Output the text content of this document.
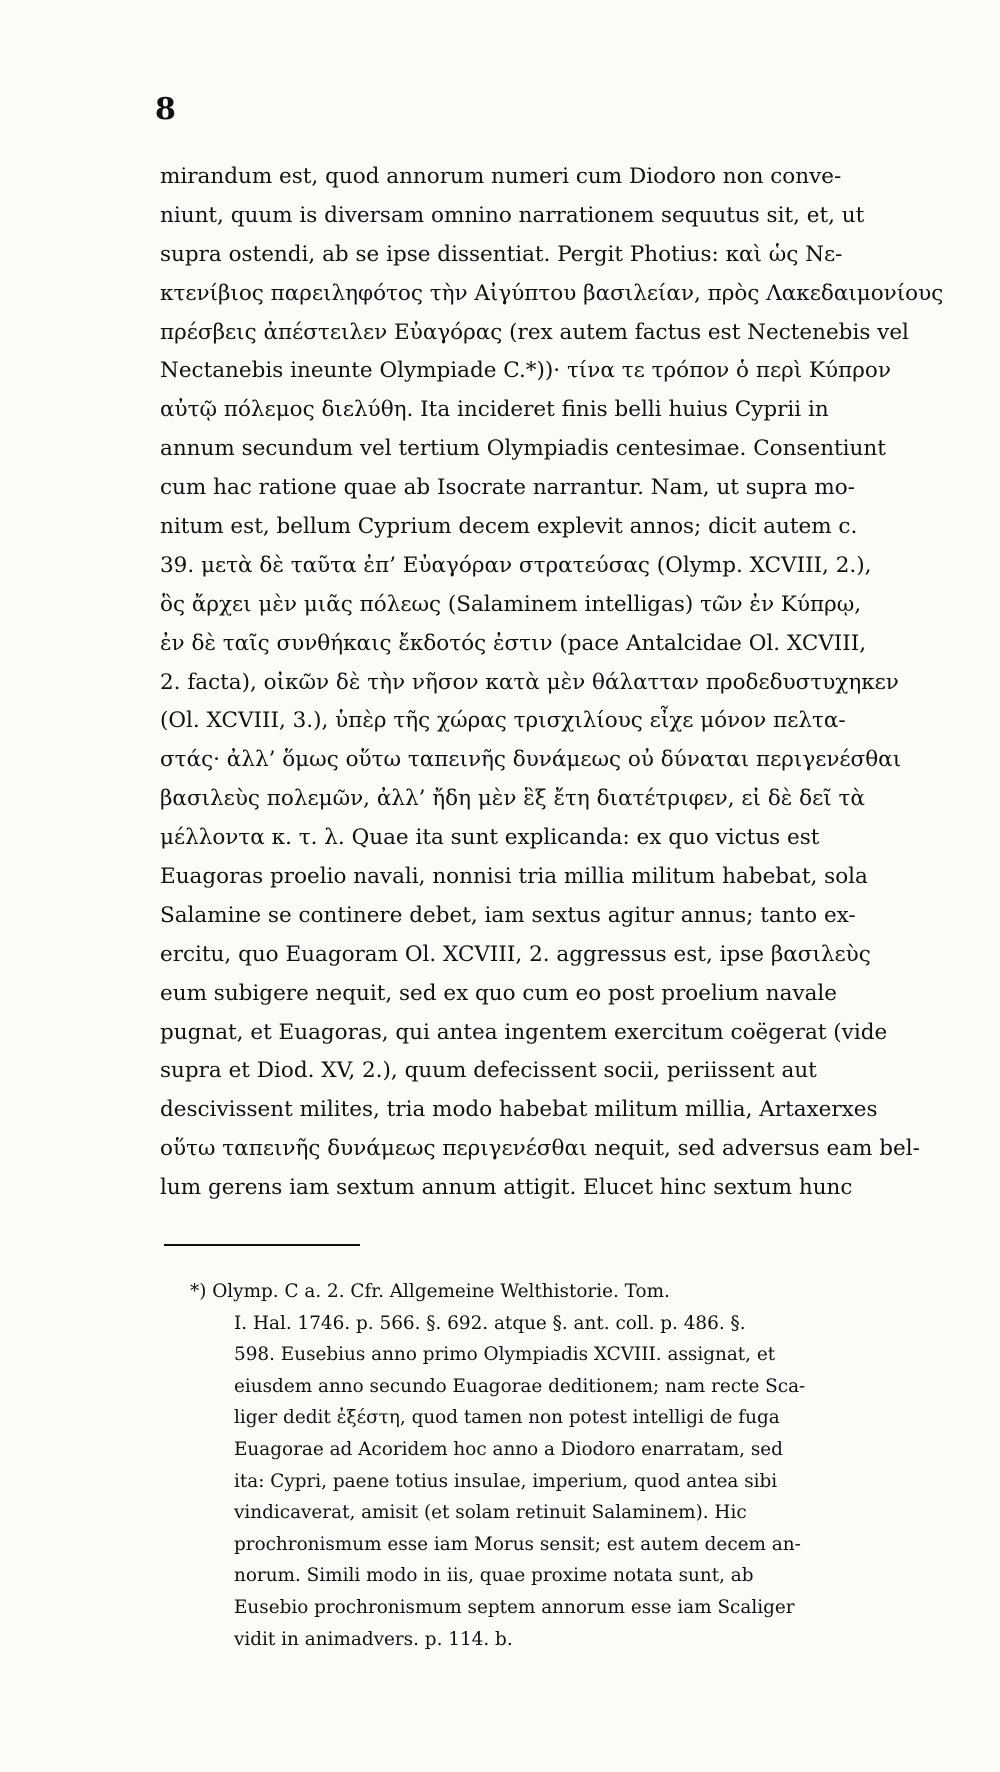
8
mirandum est, quod annorum numeri cum Diodoro non conve-
niunt, quum is diversam omnino narrationem sequutus sit, et, ut
supra ostendi, ab se ipse dissentiat. Pergit Photius: καὶ ὡς Νε-
κτενίβιος παρειληφότος τὴν Αἰγύπτου βασιλείαν, πρὸς Λακεδαιμονίους
πρέσβεις ἀπέστειλεν Εὐαγόρας (rex autem factus est Nectenebis vel
Nectanebis ineunte Olympiade C.*))· τίνα τε τρόπον ὁ περὶ Κύπρον
αὐτῷ πόλεμος διελύθη. Ita incideret finis belli huius Cyprii in
annum secundum vel tertium Olympiadis centesimae. Consentiunt
cum hac ratione quae ab Isocrate narrantur. Nam, ut supra mo-
nitum est, bellum Cyprium decem explevit annos; dicit autem c.
39. μετὰ δὲ ταῦτα ἐπ’ Εὐαγόραν στρατεύσας (Olymp. XCVIII, 2.),
ὃς ἄρχει μὲν μιᾶς πόλεως (Salaminem intelligas) τῶν ἐν Κύπρῳ,
ἐν δὲ ταῖς συνθήκαις ἔκδοτός ἐστιν (pace Antalcidae Ol. XCVIII,
2. facta), οἰκῶν δὲ τὴν νῆσον κατὰ μὲν θάλατταν προδεδυστυχηκεν
(Ol. XCVIII, 3.), ὑπὲρ τῆς χώρας τρισχιλίους εἶχε μόνον πελτα-
στάς· ἀλλ’ ὅμως οὕτω ταπεινῆς δυνάμεως οὐ δύναται περιγενέσθαι
βασιλεὺς πολεμῶν, ἀλλ’ ἤδη μὲν ἓξ ἔτη διατέτριφεν, εἰ δὲ δεῖ τὰ
μέλλοντα κ. τ. λ. Quae ita sunt explicanda: ex quo victus est
Euagoras proelio navali, nonnisi tria millia militum habebat, sola
Salamine se continere debet, iam sextus agitur annus; tanto ex-
ercitu, quo Euagoram Ol. XCVIII, 2. aggressus est, ipse βασιλεὺς
eum subigere nequit, sed ex quo cum eo post proelium navale
pugnat, et Euagoras, qui antea ingentem exercitum coëgerat (vide
supra et Diod. XV, 2.), quum defecissent socii, periissent aut
descivissent milites, tria modo habebat militum millia, Artaxerxes
οὕτω ταπεινῆς δυνάμεως περιγενέσθαι nequit, sed adversus eam bel-
lum gerens iam sextum annum attigit. Elucet hinc sextum hunc
*) Olymp. C a. 2. Cfr. Allgemeine Welthistorie. Tom.
I. Hal. 1746. p. 566. §. 692. atque §. ant. coll. p. 486. §.
598. Eusebius anno primo Olympiadis XCVIII. assignat, et
eiusdem anno secundo Euagorae deditionem; nam recte Sca-
liger dedit ἐξέστη, quod tamen non potest intelligi de fuga
Euagorae ad Acoridem hoc anno a Diodoro enarratam, sed
ita: Cypri, paene totius insulae, imperium, quod antea sibi
vindicaverat, amisit (et solam retinuit Salaminem). Hic
prochronismum esse iam Morus sensit; est autem decem an-
norum. Simili modo in iis, quae proxime notata sunt, ab
Eusebio prochronismum septem annorum esse iam Scaliger
vidit in animadvers. p. 114. b.
